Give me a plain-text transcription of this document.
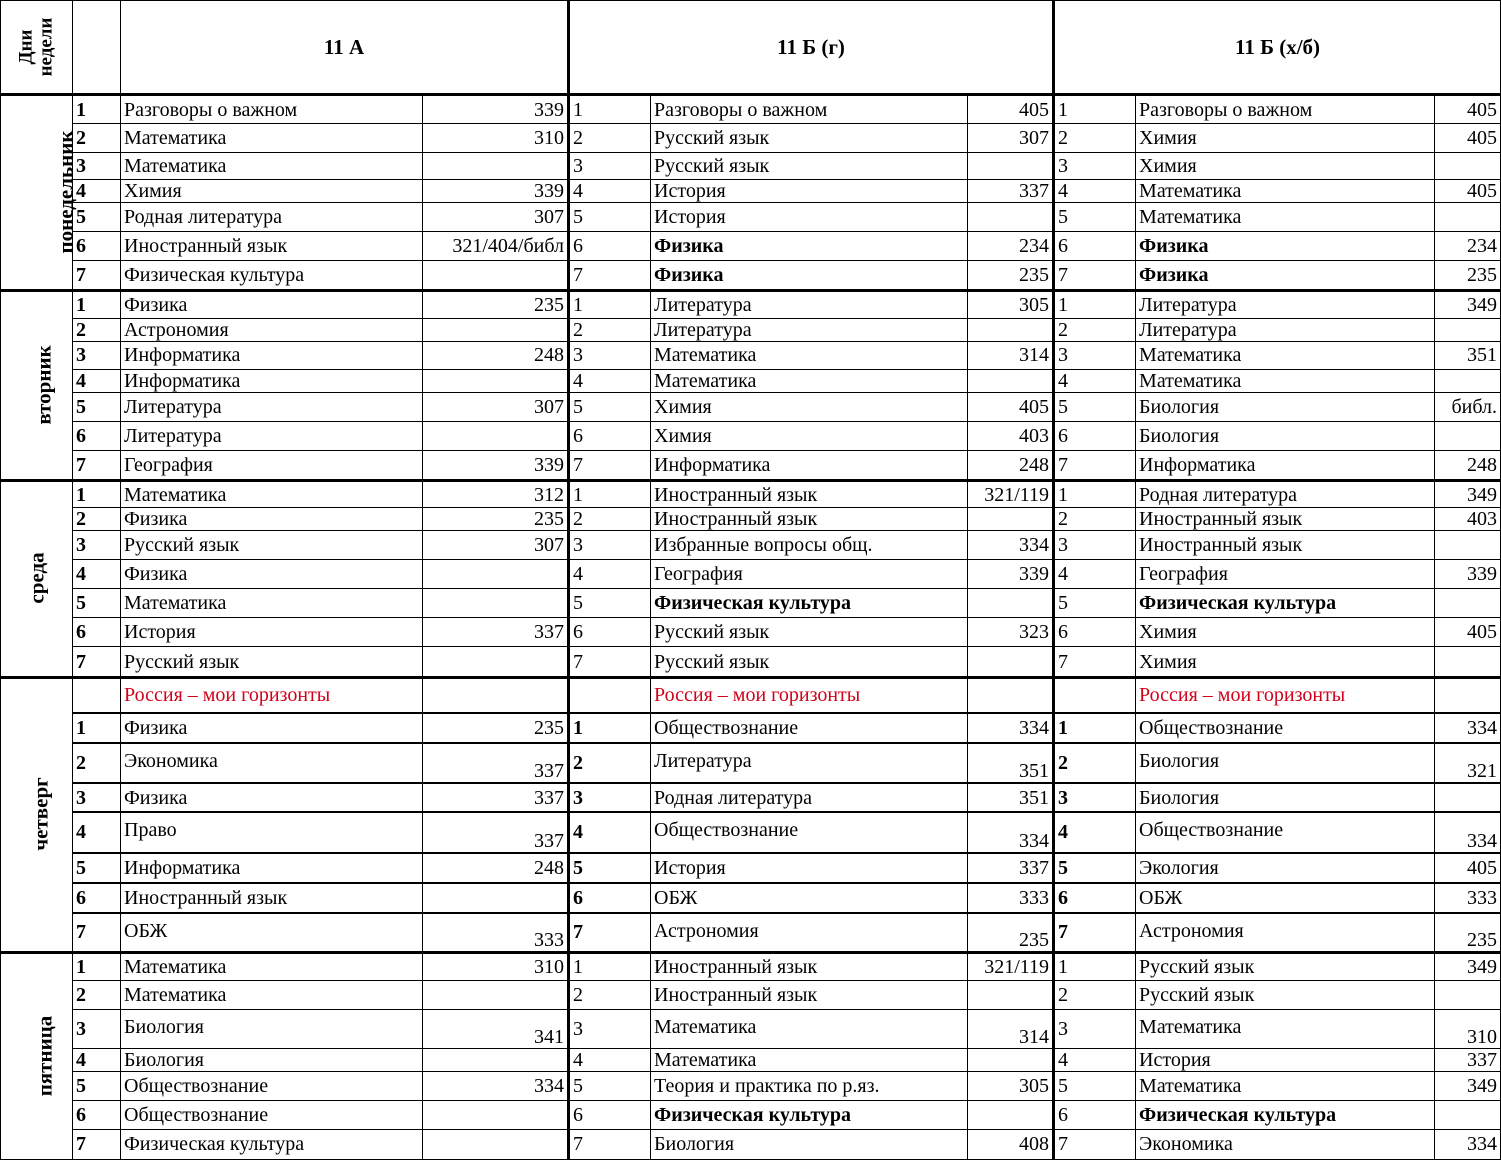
Дни
недели		11 А		11 Б (г)			11 Б (х/б)		
понедельник	1	Разговоры о важном	339	1	Разговоры о важном	405	1	Разговоры о важном	405
	2	Математика	310	2	Русский язык	307	2	Химия	405
	3	Математика		3	Русский язык		3	Химия	
	4	Химия	339	4	История	337	4	Математика	405
	5	Родная литература	307	5	История		5	Математика	
	6	Иностранный язык	321/404/библ	6	Физика	234	6	Физика	234
	7	Физическая культура		7	Физика	235	7	Физика	235
вторник	1	Физика	235	1	Литература	305	1	Литература	349
	2	Астрономия		2	Литература		2	Литература	
	3	Информатика	248	3	Математика	314	3	Математика	351
	4	Информатика		4	Математика		4	Математика	
	5	Литература	307	5	Химия	405	5	Биология	библ.
	6	Литература		6	Химия	403	6	Биология	
	7	География	339	7	Информатика	248	7	Информатика	248
среда	1	Математика	312	1	Иностранный язык	321/119	1	Родная литература	349
	2	Физика	235	2	Иностранный язык		2	Иностранный язык	403
	3	Русский язык	307	3	Избранные вопросы общ.	334	3	Иностранный язык	
	4	Физика		4	География	339	4	География	339
	5	Математика		5	Физическая культура		5	Физическая культура	
	6	История	337	6	Русский язык	323	6	Химия	405
	7	Русский язык		7	Русский язык		7	Химия	
четверг		Россия – мои горизонты			Россия – мои горизонты			Россия – мои горизонты	
	1	Физика	235	1	Обществознание	334	1	Обществознание	334
	2	Экономика	337	2	Литература	351	2	Биология	321
	3	Физика	337	3	Родная литература	351	3	Биология	
	4	Право	337	4	Обществознание	334	4	Обществознание	334
	5	Информатика	248	5	История	337	5	Экология	405
	6	Иностранный язык		6	ОБЖ	333	6	ОБЖ	333
	7	ОБЖ	333	7	Астрономия	235	7	Астрономия	235
пятница	1	Математика	310	1	Иностранный язык	321/119	1	Русский язык	349
	2	Математика		2	Иностранный язык		2	Русский язык	
	3	Биология	341	3	Математика	314	3	Математика	310
	4	Биология		4	Математика		4	История	337
	5	Обществознание	334	5	Теория и практика по р.яз.	305	5	Математика	349
	6	Обществознание		6	Физическая культура		6	Физическая культура	
	7	Физическая культура		7	Биология	408	7	Экономика	334
